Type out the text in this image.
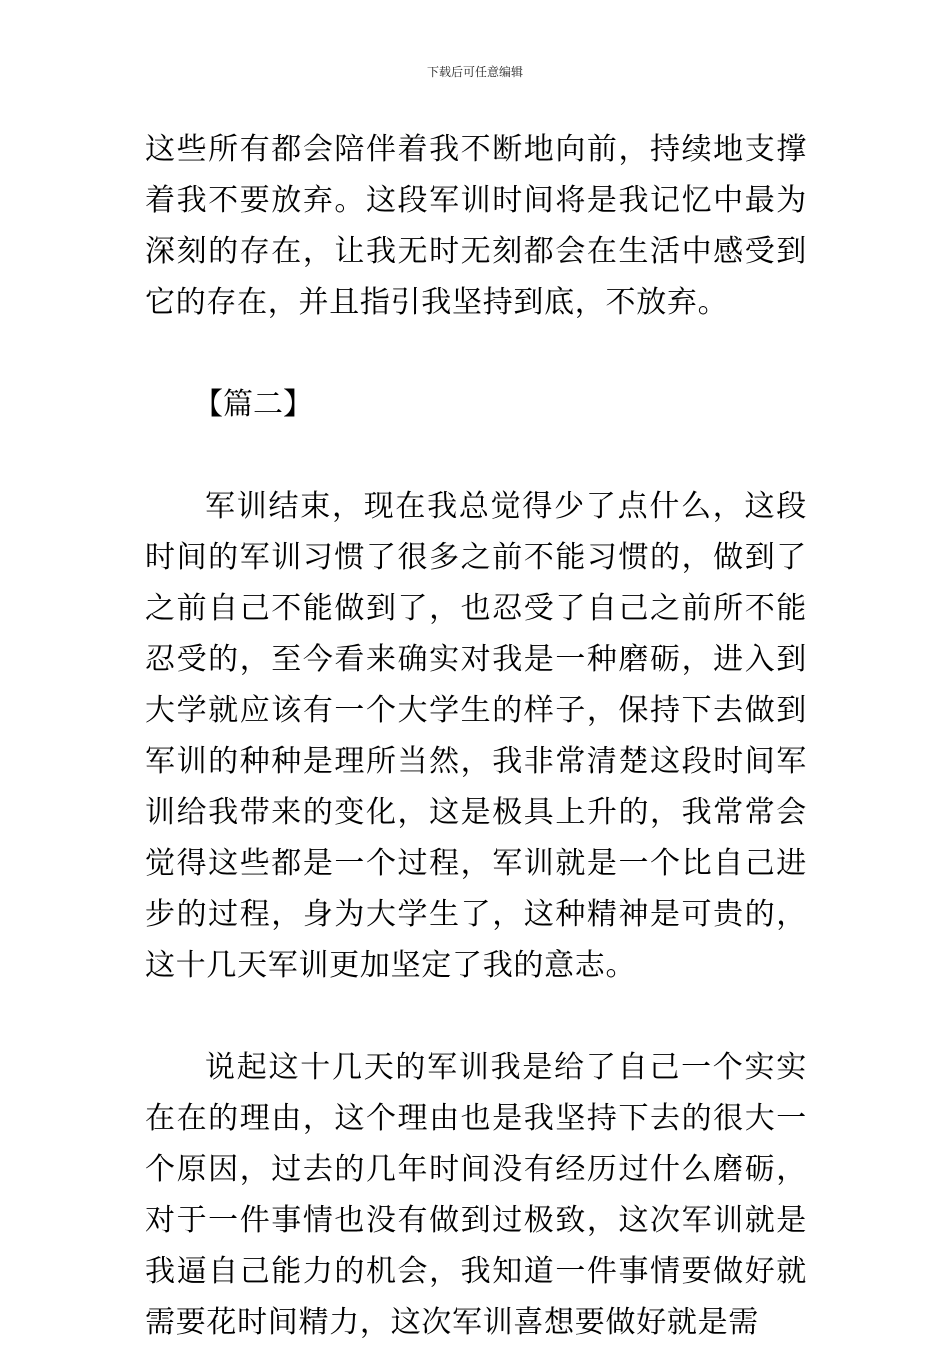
下载后可任意编辑

这些所有都会陪伴着我不断地向前，持续地支撑着我不要放弃。这段军训时间将是我记忆中最为深刻的存在，让我无时无刻都会在生活中感受到它的存在，并且指引我坚持到底，不放弃。

【篇二】

军训结束，现在我总觉得少了点什么，这段时间的军训习惯了很多之前不能习惯的，做到了之前自己不能做到了，也忍受了自己之前所不能忍受的，至今看来确实对我是一种磨砺，进入到大学就应该有一个大学生的样子，保持下去做到军训的种种是理所当然，我非常清楚这段时间军训给我带来的变化，这是极具上升的，我常常会觉得这些都是一个过程，军训就是一个比自己进步的过程，身为大学生了，这种精神是可贵的，这十几天军训更加坚定了我的意志。

说起这十几天的军训我是给了自己一个实实在在的理由，这个理由也是我坚持下去的很大一个原因，过去的几年时间没有经历过什么磨砺，对于一件事情也没有做到过极致，这次军训就是我逼自己能力的机会，我知道一件事情要做好就需要花时间精力，这次军训喜想要做好就是需
